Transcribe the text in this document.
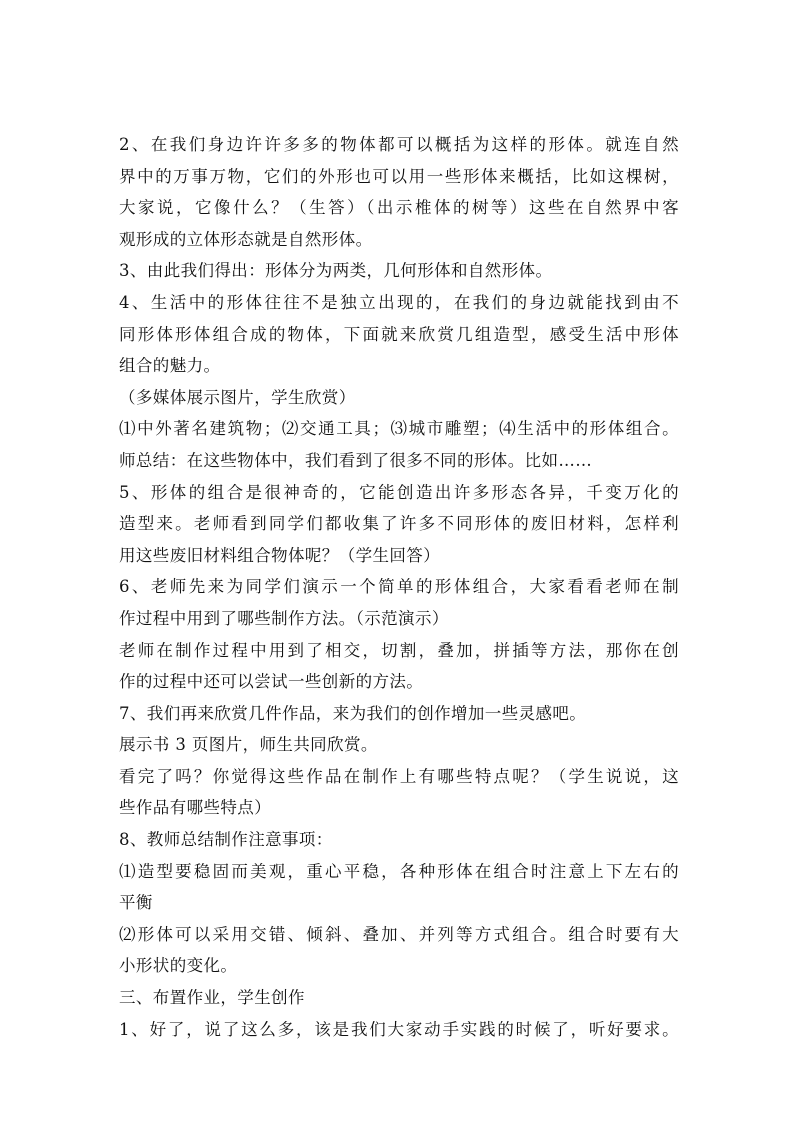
2、在我们身边许许多多的物体都可以概括为这样的形体。就连自然
界中的万事万物，它们的外形也可以用一些形体来概括，比如这棵树，
大家说，它像什么？（生答）（出示椎体的树等）这些在自然界中客
观形成的立体形态就是自然形体。
3、由此我们得出：形体分为两类，几何形体和自然形体。
4、生活中的形体往往不是独立出现的，在我们的身边就能找到由不
同形体形体组合成的物体，下面就来欣赏几组造型，感受生活中形体
组合的魅力。
（多媒体展示图片，学生欣赏）
⑴中外著名建筑物；⑵交通工具；⑶城市雕塑；⑷生活中的形体组合。
师总结：在这些物体中，我们看到了很多不同的形体。比如……
5、形体的组合是很神奇的，它能创造出许多形态各异，千变万化的
造型来。老师看到同学们都收集了许多不同形体的废旧材料，怎样利
用这些废旧材料组合物体呢？（学生回答）
6、老师先来为同学们演示一个简单的形体组合，大家看看老师在制
作过程中用到了哪些制作方法。（示范演示）
老师在制作过程中用到了相交，切割，叠加，拼插等方法，那你在创
作的过程中还可以尝试一些创新的方法。
7、我们再来欣赏几件作品，来为我们的创作增加一些灵感吧。
展示书 3 页图片，师生共同欣赏。
看完了吗？你觉得这些作品在制作上有哪些特点呢？（学生说说，这
些作品有哪些特点）
8、教师总结制作注意事项：
⑴造型要稳固而美观，重心平稳，各种形体在组合时注意上下左右的
平衡
⑵形体可以采用交错、倾斜、叠加、并列等方式组合。组合时要有大
小形状的变化。
三、布置作业，学生创作
1、好了，说了这么多，该是我们大家动手实践的时候了，听好要求。
